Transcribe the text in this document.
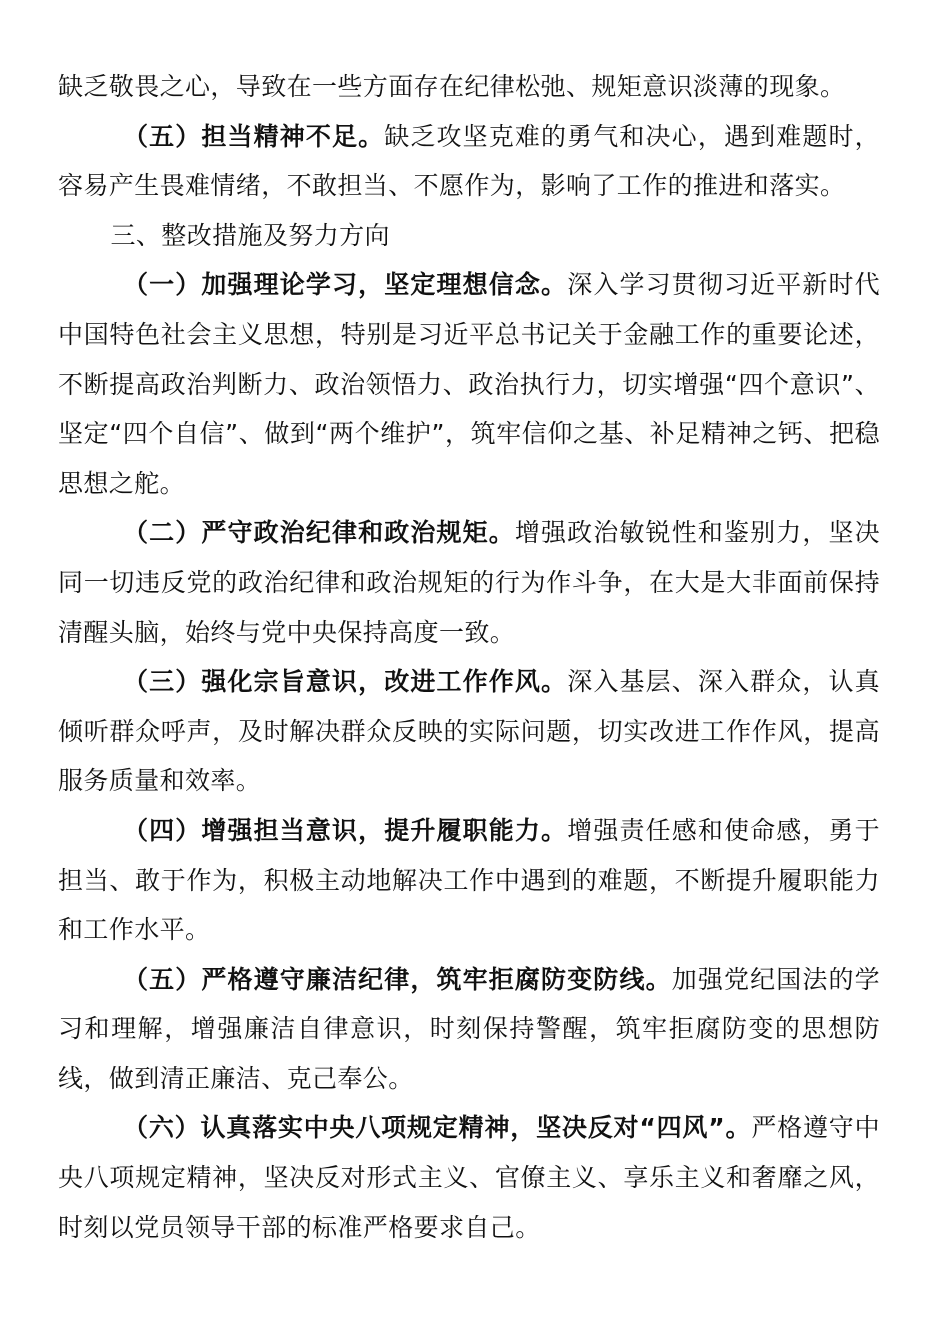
缺乏敬畏之心，导致在一些方面存在纪律松弛、规矩意识淡薄的现象。

（五）担当精神不足。缺乏攻坚克难的勇气和决心，遇到难题时，容易产生畏难情绪，不敢担当、不愿作为，影响了工作的推进和落实。

三、整改措施及努力方向

（一）加强理论学习，坚定理想信念。深入学习贯彻习近平新时代中国特色社会主义思想，特别是习近平总书记关于金融工作的重要论述，不断提高政治判断力、政治领悟力、政治执行力，切实增强“四个意识”、坚定“四个自信”、做到“两个维护”，筑牢信仰之基、补足精神之钙、把稳思想之舵。

（二）严守政治纪律和政治规矩。增强政治敏锐性和鉴别力，坚决同一切违反党的政治纪律和政治规矩的行为作斗争，在大是大非面前保持清醒头脑，始终与党中央保持高度一致。

（三）强化宗旨意识，改进工作作风。深入基层、深入群众，认真倾听群众呼声，及时解决群众反映的实际问题，切实改进工作作风，提高服务质量和效率。

（四）增强担当意识，提升履职能力。增强责任感和使命感，勇于担当、敢于作为，积极主动地解决工作中遇到的难题，不断提升履职能力和工作水平。

（五）严格遵守廉洁纪律，筑牢拒腐防变防线。加强党纪国法的学习和理解，增强廉洁自律意识，时刻保持警醒，筑牢拒腐防变的思想防线，做到清正廉洁、克己奉公。

（六）认真落实中央八项规定精神，坚决反对“四风”。严格遵守中央八项规定精神，坚决反对形式主义、官僚主义、享乐主义和奢靡之风，时刻以党员领导干部的标准严格要求自己。
